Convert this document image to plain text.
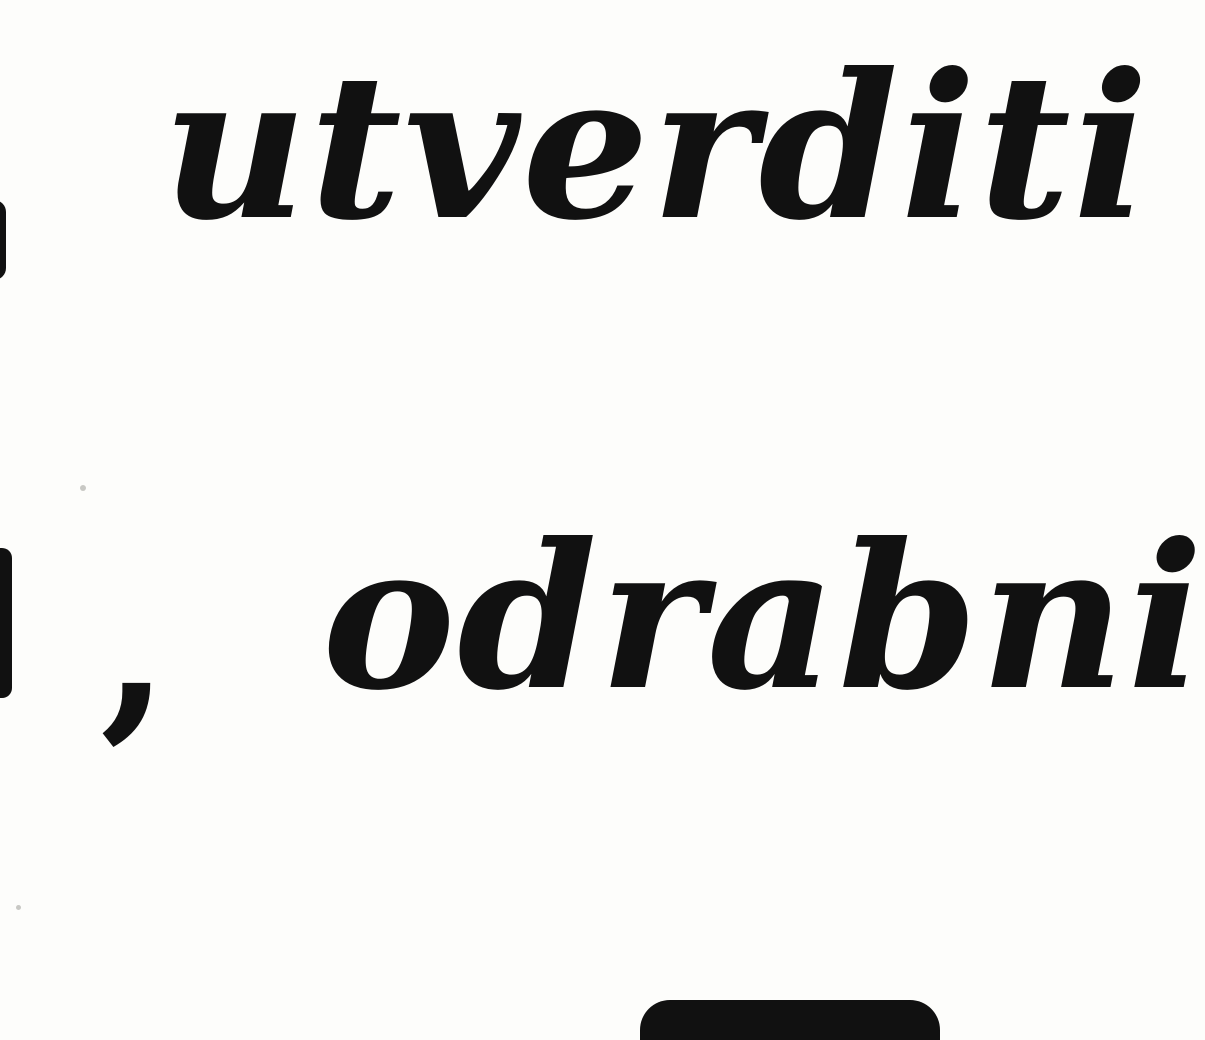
utverditi
, odrabni
